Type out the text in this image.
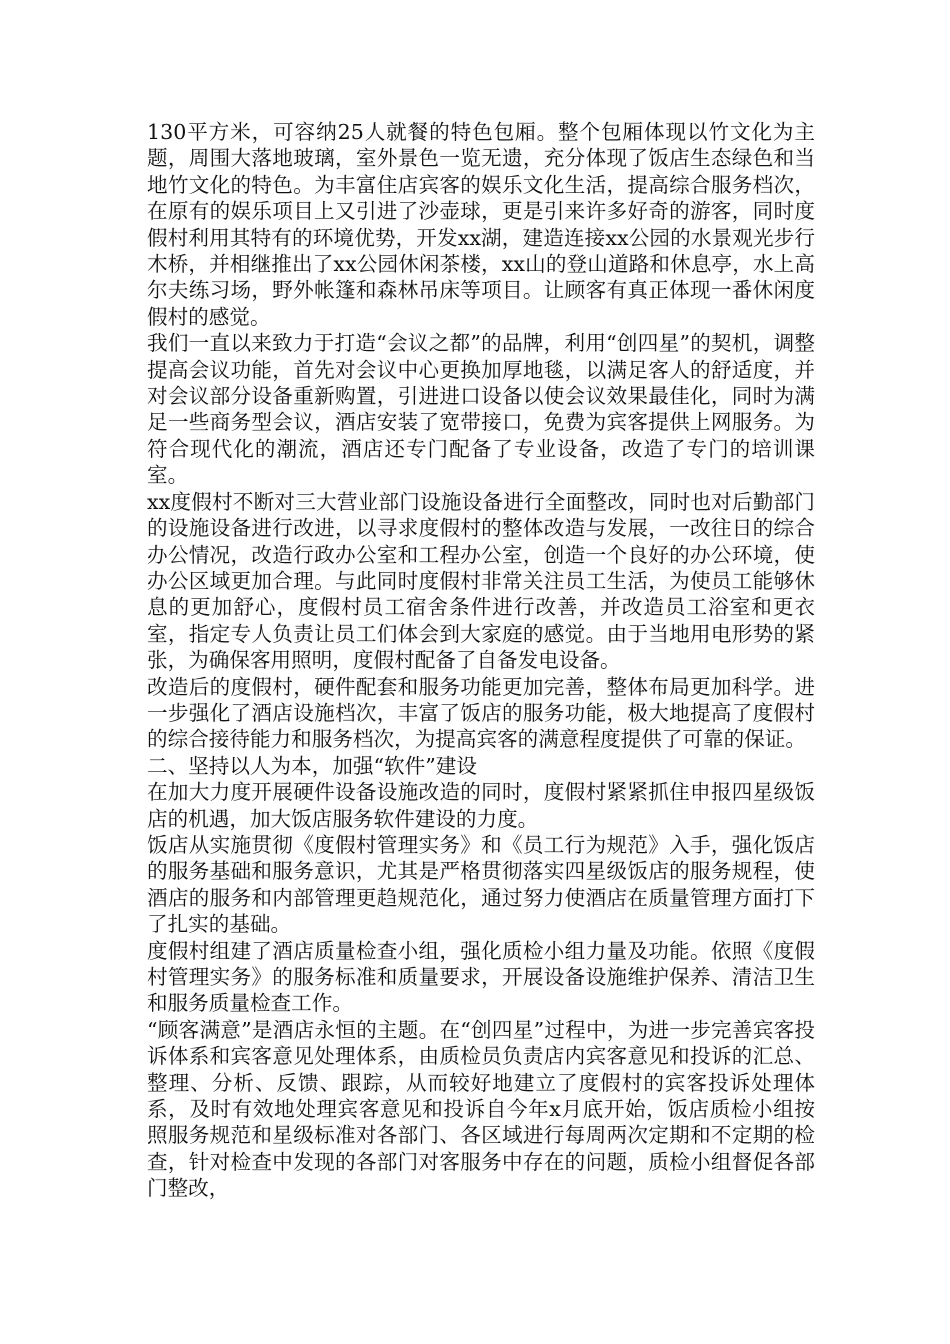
130平方米，可容纳25人就餐的特色包厢。整个包厢体现以竹文化为主题，周围大落地玻璃，室外景色一览无遗，充分体现了饭店生态绿色和当地竹文化的特色。为丰富住店宾客的娱乐文化生活，提高综合服务档次，在原有的娱乐项目上又引进了沙壶球，更是引来许多好奇的游客，同时度假村利用其特有的环境优势，开发xx湖，建造连接xx公园的水景观光步行木桥，并相继推出了xx公园休闲茶楼，xx山的登山道路和休息亭，水上高尔夫练习场，野外帐篷和森林吊床等项目。让顾客有真正体现一番休闲度假村的感觉。

我们一直以来致力于打造“会议之都”的品牌，利用“创四星”的契机，调整提高会议功能，首先对会议中心更换加厚地毯，以满足客人的舒适度，并对会议部分设备重新购置，引进进口设备以使会议效果最佳化，同时为满足一些商务型会议，酒店安装了宽带接口，免费为宾客提供上网服务。为符合现代化的潮流，酒店还专门配备了专业设备，改造了专门的培训课室。

xx度假村不断对三大营业部门设施设备进行全面整改，同时也对后勤部门的设施设备进行改进，以寻求度假村的整体改造与发展，一改往日的综合办公情况，改造行政办公室和工程办公室，创造一个良好的办公环境，使办公区域更加合理。与此同时度假村非常关注员工生活，为使员工能够休息的更加舒心，度假村员工宿舍条件进行改善，并改造员工浴室和更衣室，指定专人负责让员工们体会到大家庭的感觉。由于当地用电形势的紧张，为确保客用照明，度假村配备了自备发电设备。

改造后的度假村，硬件配套和服务功能更加完善，整体布局更加科学。进一步强化了酒店设施档次，丰富了饭店的服务功能，极大地提高了度假村的综合接待能力和服务档次，为提高宾客的满意程度提供了可靠的保证。

二、坚持以人为本，加强“软件”建设

在加大力度开展硬件设备设施改造的同时，度假村紧紧抓住申报四星级饭店的机遇，加大饭店服务软件建设的力度。

饭店从实施贯彻《度假村管理实务》和《员工行为规范》入手，强化饭店的服务基础和服务意识，尤其是严格贯彻落实四星级饭店的服务规程，使酒店的服务和内部管理更趋规范化，通过努力使酒店在质量管理方面打下了扎实的基础。

度假村组建了酒店质量检查小组，强化质检小组力量及功能。依照《度假村管理实务》的服务标准和质量要求，开展设备设施维护保养、清洁卫生和服务质量检查工作。

“顾客满意”是酒店永恒的主题。在“创四星”过程中，为进一步完善宾客投诉体系和宾客意见处理体系，由质检员负责店内宾客意见和投诉的汇总、整理、分析、反馈、跟踪，从而较好地建立了度假村的宾客投诉处理体系，及时有效地处理宾客意见和投诉自今年x月底开始，饭店质检小组按照服务规范和星级标准对各部门、各区域进行每周两次定期和不定期的检查，针对检查中发现的各部门对客服务中存在的问题，质检小组督促各部门整改，
